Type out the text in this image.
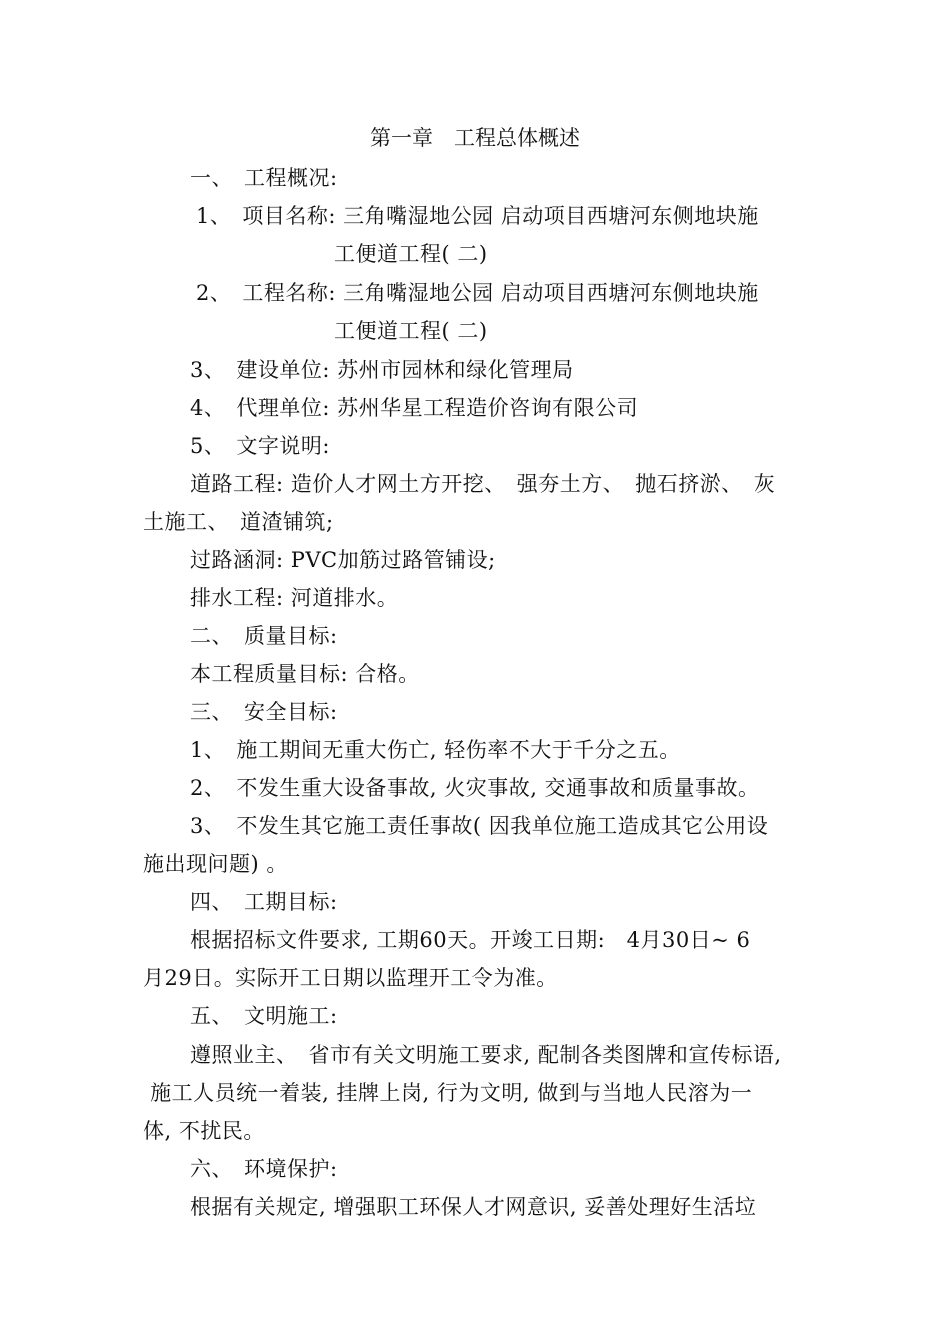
第一章　工程总体概述
一、　工程概况:
1、　项目名称: 三角嘴湿地公园 启动项目西塘河东侧地块施
工便道工程( 二)
2、　工程名称: 三角嘴湿地公园 启动项目西塘河东侧地块施
工便道工程( 二)
3、　建设单位: 苏州市园林和绿化管理局
4、　代理单位: 苏州华星工程造价咨询有限公司
5、　文字说明:
道路工程: 造价人才网土方开挖、　强夯土方、　抛石挤淤、　灰
土施工、　道渣铺筑;
过路涵洞: PVC加筋过路管铺设;
排水工程: 河道排水。
二、　质量目标:
本工程质量目标: 合格。
三、　安全目标:
1、　施工期间无重大伤亡, 轻伤率不大于千分之五。
2、　不发生重大设备事故, 火灾事故, 交通事故和质量事故。
3、　不发生其它施工责任事故( 因我单位施工造成其它公用设
施出现问题) 。
四、　工期目标:
根据招标文件要求, 工期60天。开竣工日期:　4月30日~ 6
月29日。实际开工日期以监理开工令为准。
五、　文明施工:
遵照业主、　省市有关文明施工要求, 配制各类图牌和宣传标语,
施工人员统一着装, 挂牌上岗, 行为文明, 做到与当地人民溶为一
体, 不扰民。
六、　环境保护:
根据有关规定, 增强职工环保人才网意识, 妥善处理好生活垃
